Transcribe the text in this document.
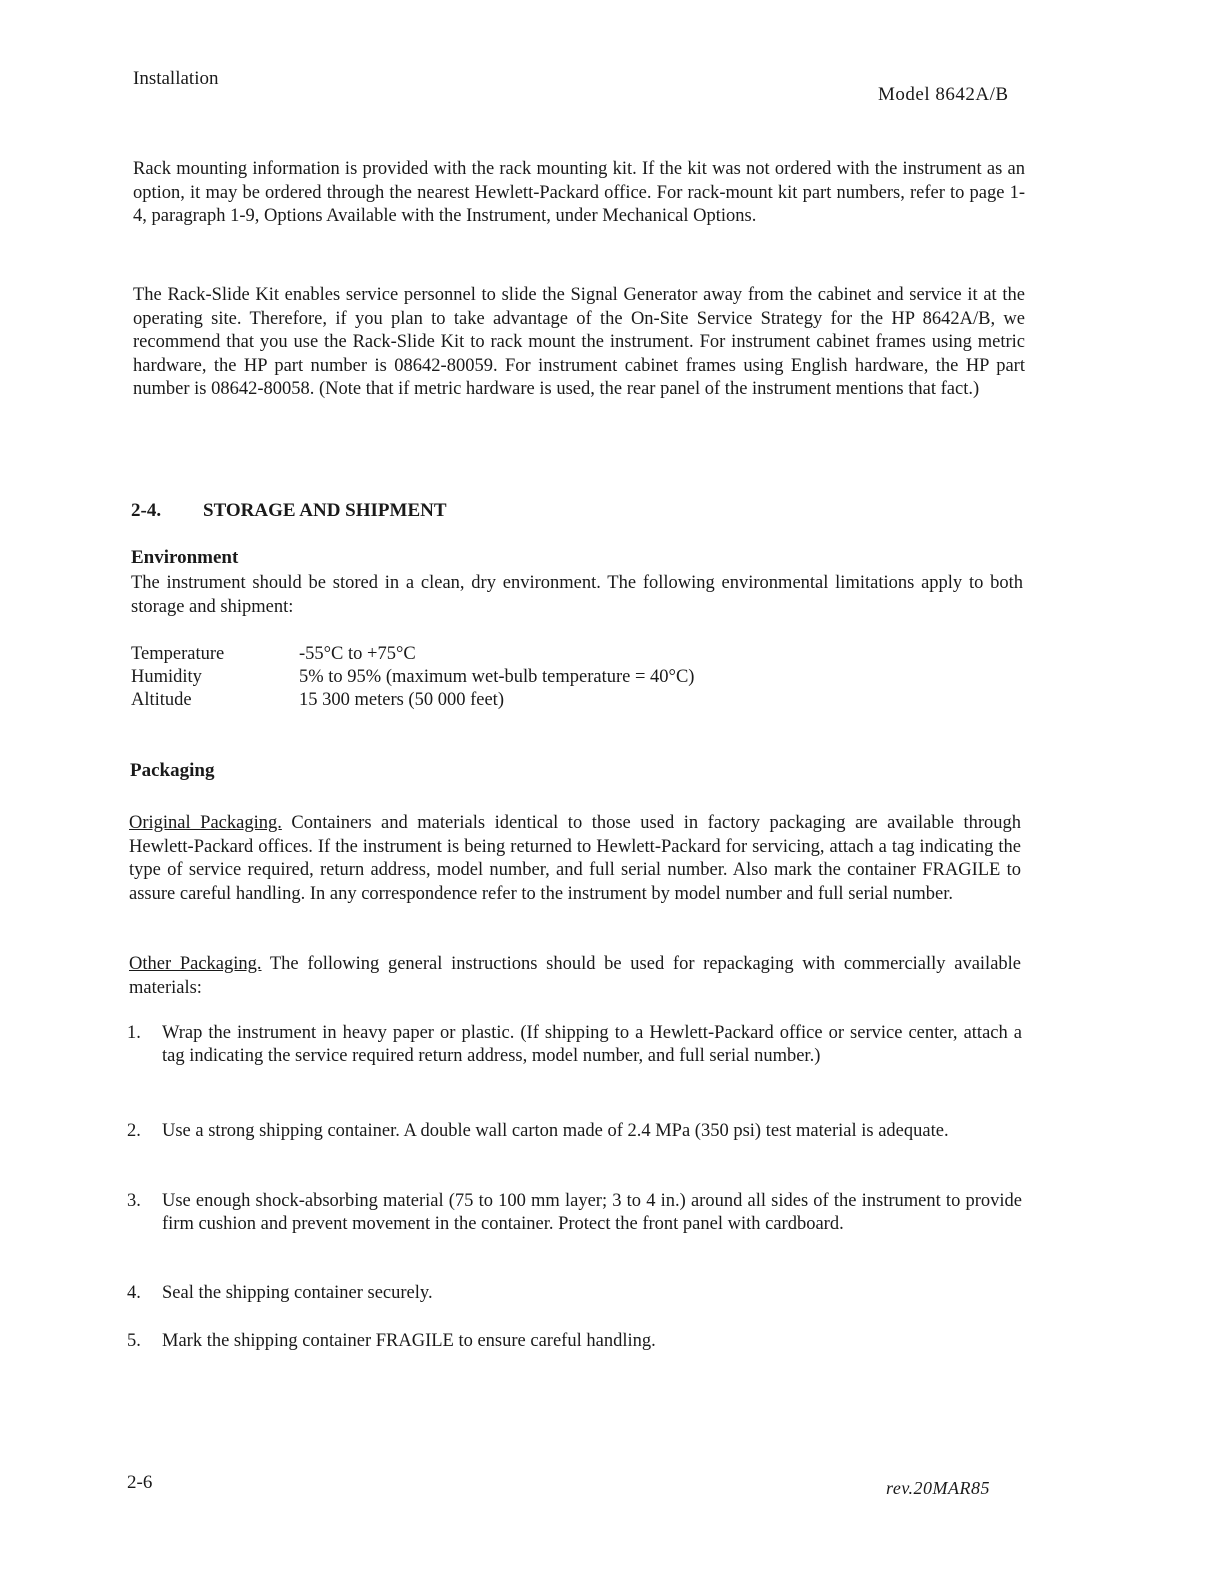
Installation
Model 8642A/B

Rack mounting information is provided with the rack mounting kit. If the kit was not ordered with the instrument as an option, it may be ordered through the nearest Hewlett-Packard office. For rack-mount kit part numbers, refer to page 1-4, paragraph 1-9, Options Available with the Instrument, under Mechanical Options.

The Rack-Slide Kit enables service personnel to slide the Signal Generator away from the cabinet and service it at the operating site. Therefore, if you plan to take advantage of the On-Site Service Strategy for the HP 8642A/B, we recommend that you use the Rack-Slide Kit to rack mount the instrument. For instrument cabinet frames using metric hardware, the HP part number is 08642-80059. For instrument cabinet frames using English hardware, the HP part number is 08642-80058. (Note that if metric hardware is used, the rear panel of the instrument mentions that fact.)

2-4. STORAGE AND SHIPMENT
Environment

The instrument should be stored in a clean, dry environment. The following environmental limitations apply to both storage and shipment:

Temperature	-55°C to +75°C
Humidity	5% to 95% (maximum wet-bulb temperature = 40°C)
Altitude	15 300 meters (50 000 feet)
Packaging

Original Packaging. Containers and materials identical to those used in factory packaging are available through Hewlett-Packard offices. If the instrument is being returned to Hewlett-Packard for servicing, attach a tag indicating the type of service required, return address, model number, and full serial number. Also mark the container FRAGILE to assure careful handling. In any correspondence refer to the instrument by model number and full serial number.

Other Packaging. The following general instructions should be used for repackaging with commercially available materials:

1.	Wrap the instrument in heavy paper or plastic. (If shipping to a Hewlett-Packard office or service center, attach a tag indicating the service required return address, model number, and full serial number.)
2.	Use a strong shipping container. A double wall carton made of 2.4 MPa (350 psi) test material is adequate.
3.	Use enough shock-absorbing material (75 to 100 mm layer; 3 to 4 in.) around all sides of the instrument to provide firm cushion and prevent movement in the container. Protect the front panel with cardboard.
4.	Seal the shipping container securely.
5.	Mark the shipping container FRAGILE to ensure careful handling.
2-6	rev.20MAR85
